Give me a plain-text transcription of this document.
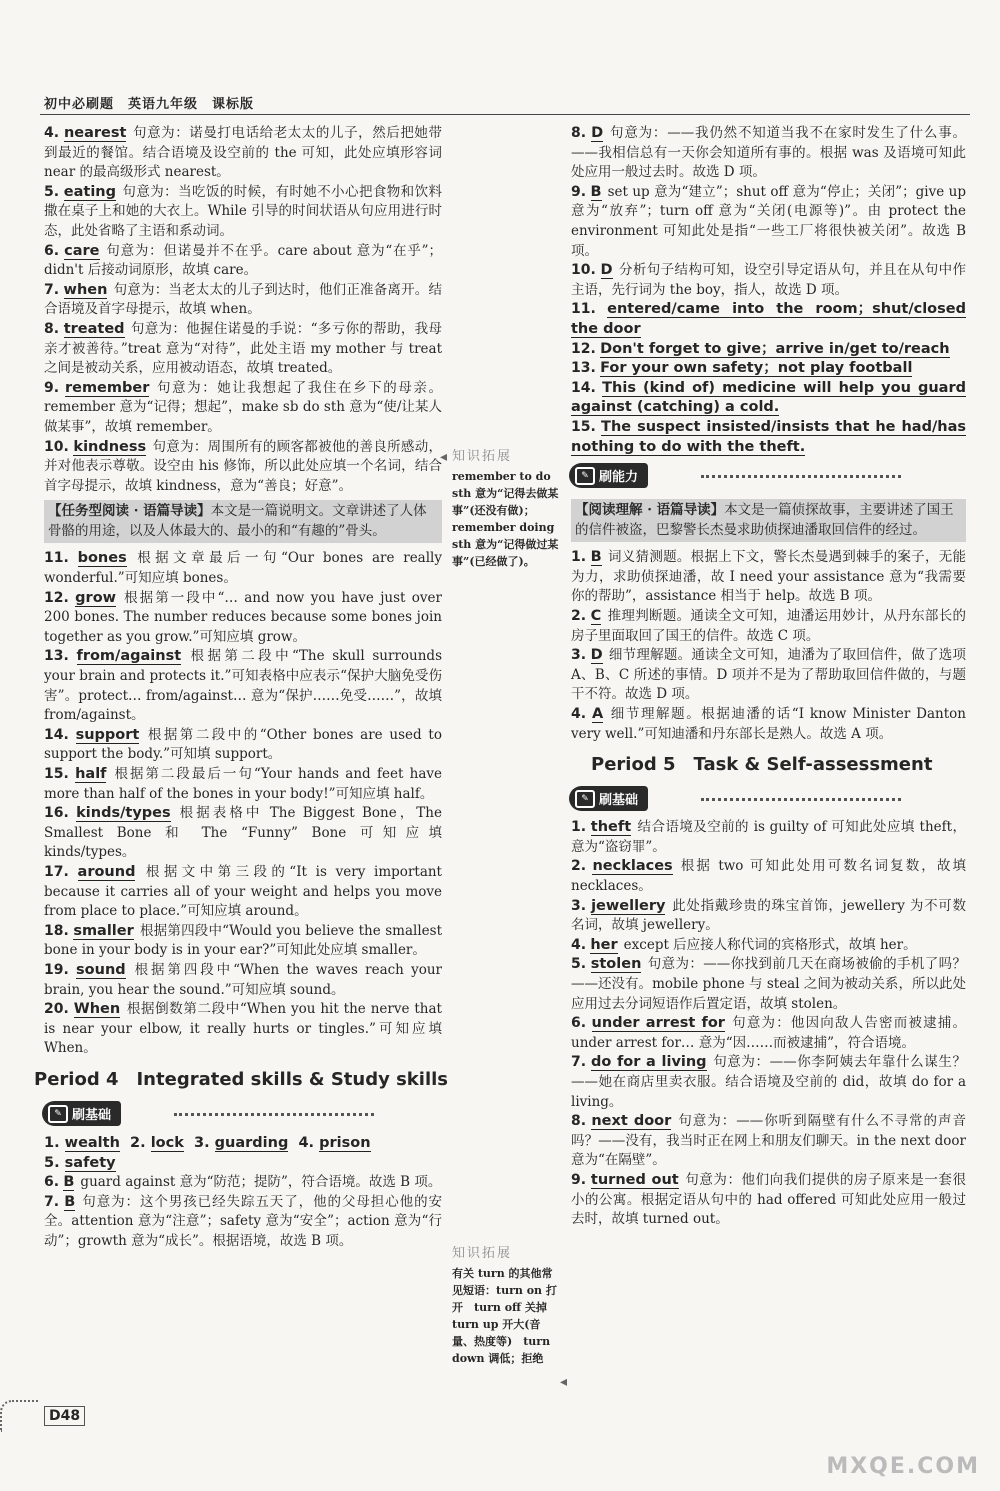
初中必刷题　英语九年级　课标版
4. nearest 句意为：诺曼打电话给老太太的儿子，然后把她带到最近的餐馆。结合语境及设空前的 the 可知，此处应填形容词 near 的最高级形式 nearest。
5. eating 句意为：当吃饭的时候，有时她不小心把食物和饮料撒在桌子上和她的大衣上。While 引导的时间状语从句应用进行时态，此处省略了主语和系动词。
6. care 句意为：但诺曼并不在乎。care about 意为“在乎”；didn't 后接动词原形，故填 care。
7. when 句意为：当老太太的儿子到达时，他们正准备离开。结合语境及首字母提示，故填 when。
8. treated 句意为：他握住诺曼的手说：“多亏你的帮助，我母亲才被善待。”treat 意为“对待”，此处主语 my mother 与 treat 之间是被动关系，应用被动语态，故填 treated。
9. remember 句意为：她让我想起了我住在乡下的母亲。remember 意为“记得；想起”，make sb do sth 意为“使/让某人做某事”，故填 remember。
10. kindness 句意为：周围所有的顾客都被他的善良所感动，并对他表示尊敬。设空由 his 修饰，所以此处应填一个名词，结合首字母提示，故填 kindness，意为“善良；好意”。
【任务型阅读 · 语篇导读】本文是一篇说明文。文章讲述了人体骨骼的用途，以及人体最大的、最小的和“有趣的”骨头。
11. bones 根据文章最后一句“Our bones are really wonderful.”可知应填 bones。
12. grow 根据第一段中“… and now you have just over 200 bones. The number reduces because some bones join together as you grow.”可知应填 grow。
13. from/against 根据第二段中“The skull surrounds your brain and protects it.”可知表格中应表示“保护大脑免受伤害”。protect… from/against… 意为“保护……免受……”，故填 from/against。
14. support 根据第二段中的“Other bones are used to support the body.”可知填 support。
15. half 根据第二段最后一句“Your hands and feet have more than half of the bones in your body!”可知应填 half。
16. kinds/types 根据表格中 The Biggest Bone，The Smallest Bone 和 The “Funny” Bone 可知应填 kinds/types。
17. around 根据文中第三段的“It is very important because it carries all of your weight and helps you move from place to place.”可知应填 around。
18. smaller 根据第四段中“Would you believe the smallest bone in your body is in your ear?”可知此处应填 smaller。
19. sound 根据第四段中“When the waves reach your brain, you hear the sound.”可知应填 sound。
20. When 根据倒数第二段中“When you hit the nerve that is near your elbow, it really hurts or tingles.”可知应填 When。
Period 4　Integrated skills & Study skills
✎ 刷基础
1. wealth 2. lock 3. guarding 4. prison
5. safety
6. B guard against 意为“防范；提防”，符合语境。故选 B 项。
7. B 句意为：这个男孩已经失踪五天了，他的父母担心他的安全。attention 意为“注意”；safety 意为“安全”；action 意为“行动”；growth 意为“成长”。根据语境，故选 B 项。
知识拓展
remember to do sth 意为“记得去做某事”(还没有做)；remember doing sth 意为“记得做过某事”(已经做了)。
◂
知识拓展
有关 turn 的其他常见短语：turn on 打开　turn off 关掉　turn up 开大(音量、热度等)　turn down 调低；拒绝
◂
8. D 句意为：——我仍然不知道当我不在家时发生了什么事。——我相信总有一天你会知道所有事的。根据 was 及语境可知此处应用一般过去时。故选 D 项。
9. B set up 意为“建立”；shut off 意为“停止；关闭”；give up 意为“放弃”；turn off 意为“关闭(电源等)”。由 protect the environment 可知此处是指“一些工厂将很快被关闭”。故选 B 项。
10. D 分析句子结构可知，设空引导定语从句，并且在从句中作主语，先行词为 the boy，指人，故选 D 项。
11. entered/came into the room；shut/closed the door
12. Don't forget to give；arrive in/get to/reach
13. For your own safety；not play football
14. This (kind of) medicine will help you guard against (catching) a cold.
15. The suspect insisted/insists that he had/has nothing to do with the theft.
✎ 刷能力
【阅读理解 · 语篇导读】本文是一篇侦探故事，主要讲述了国王的信件被盗，巴黎警长杰曼求助侦探迪潘取回信件的经过。
1. B 词义猜测题。根据上下文，警长杰曼遇到棘手的案子，无能为力，求助侦探迪潘，故 I need your assistance 意为“我需要你的帮助”，assistance 相当于 help。故选 B 项。
2. C 推理判断题。通读全文可知，迪潘运用妙计，从丹东部长的房子里面取回了国王的信件。故选 C 项。
3. D 细节理解题。通读全文可知，迪潘为了取回信件，做了选项 A、B、C 所述的事情。D 项并不是为了帮助取回信件做的，与题干不符。故选 D 项。
4. A 细节理解题。根据迪潘的话“I know Minister Danton very well.”可知迪潘和丹东部长是熟人。故选 A 项。
Period 5　Task & Self-assessment
✎ 刷基础
1. theft 结合语境及空前的 is guilty of 可知此处应填 theft，意为“盗窃罪”。
2. necklaces 根据 two 可知此处用可数名词复数，故填 necklaces。
3. jewellery 此处指戴珍贵的珠宝首饰，jewellery 为不可数名词，故填 jewellery。
4. her except 后应接人称代词的宾格形式，故填 her。
5. stolen 句意为：——你找到前几天在商场被偷的手机了吗？——还没有。mobile phone 与 steal 之间为被动关系，所以此处应用过去分词短语作后置定语，故填 stolen。
6. under arrest for 句意为：他因向敌人告密而被逮捕。under arrest for… 意为“因……而被逮捕”，符合语境。
7. do for a living 句意为：——你李阿姨去年靠什么谋生？——她在商店里卖衣服。结合语境及空前的 did，故填 do for a living。
8. next door 句意为：——你听到隔壁有什么不寻常的声音吗？——没有，我当时正在网上和朋友们聊天。in the next door 意为“在隔壁”。
9. turned out 句意为：他们向我们提供的房子原来是一套很小的公寓。根据定语从句中的 had offered 可知此处应用一般过去时，故填 turned out。
D48
MXQE.COM
